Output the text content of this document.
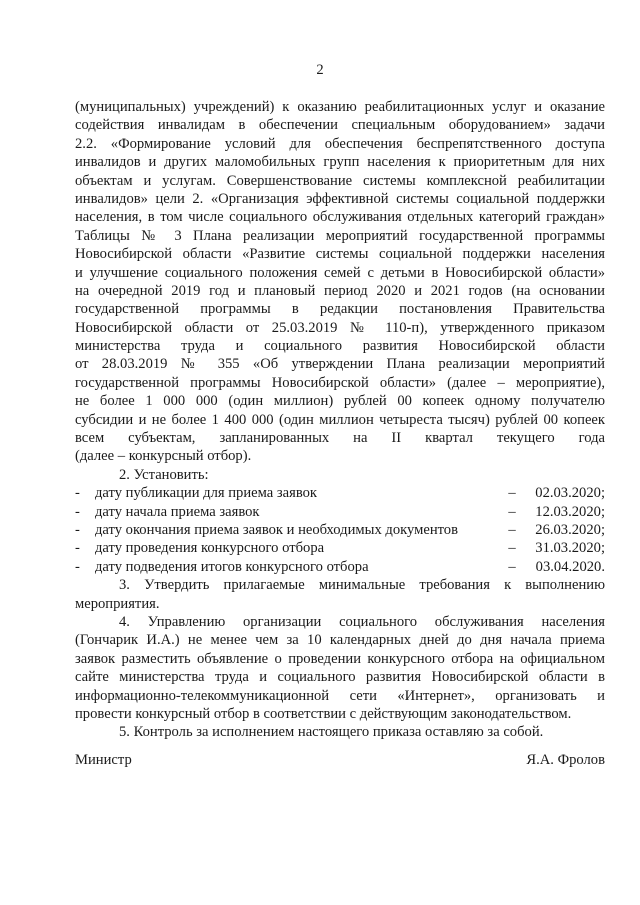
2
(муниципальных) учреждений) к оказанию реабилитационных услуг и оказание
содействия инвалидам в обеспечении специальным оборудованием» задачи
2.2. «Формирование условий для обеспечения беспрепятственного доступа
инвалидов и других маломобильных групп населения к приоритетным для них
объектам и услугам. Совершенствование системы комплексной реабилитации
инвалидов» цели 2. «Организация эффективной системы социальной поддержки
населения, в том числе социального обслуживания отдельных категорий граждан»
Таблицы № 3 Плана реализации мероприятий государственной программы
Новосибирской области «Развитие системы социальной поддержки населения
и улучшение социального положения семей с детьми в Новосибирской области»
на очередной 2019 год и плановый период 2020 и 2021 годов (на основании
государственной программы в редакции постановления Правительства
Новосибирской области от 25.03.2019 № 110-п), утвержденного приказом
министерства труда и социального развития Новосибирской области
от 28.03.2019 № 355 «Об утверждении Плана реализации мероприятий
государственной программы Новосибирской области» (далее – мероприятие),
не более 1 000 000 (один миллион) рублей 00 копеек одному получателю
субсидии и не более 1 400 000 (один миллион четыреста тысяч) рублей 00 копеек
всем субъектам, запланированных на II квартал текущего года
(далее – конкурсный отбор).
2. Установить:
-	дату публикации для приема заявок	–	02.03.2020;
-	дату начала приема заявок	–	12.03.2020;
-	дату окончания приема заявок и необходимых документов	–	26.03.2020;
-	дату проведения конкурсного отбора	–	31.03.2020;
-	дату подведения итогов конкурсного отбора	–	03.04.2020.
3. Утвердить прилагаемые минимальные требования к выполнению
мероприятия.
4. Управлению организации социального обслуживания населения
(Гончарик И.А.) не менее чем за 10 календарных дней до дня начала приема
заявок разместить объявление о проведении конкурсного отбора на официальном
сайте министерства труда и социального развития Новосибирской области в
информационно-телекоммуникационной сети «Интернет», организовать и
провести конкурсный отбор в соответствии с действующим законодательством.
5. Контроль за исполнением настоящего приказа оставляю за собой.
Министр	Я.А. Фролов
